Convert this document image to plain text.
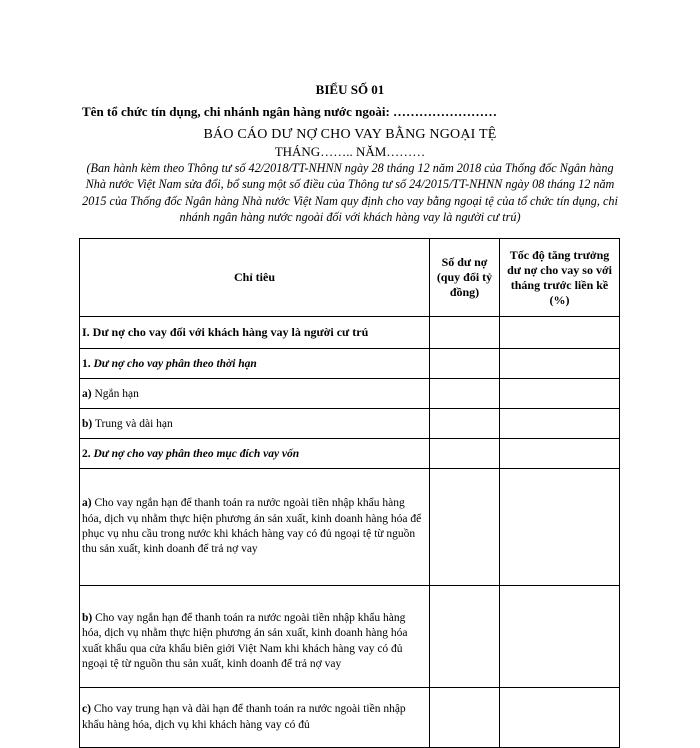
BIỂU SỐ 01
Tên tổ chức tín dụng, chi nhánh ngân hàng nước ngoài: ……………………
BÁO CÁO DƯ NỢ CHO VAY BẰNG NGOẠI TỆ
THÁNG…….. NĂM………
(Ban hành kèm theo Thông tư số 42/2018/TT-NHNN ngày 28 tháng 12 năm 2018 của Thống đốc Ngân hàng Nhà nước Việt Nam sửa đổi, bổ sung một số điều của Thông tư số 24/2015/TT-NHNN ngày 08 tháng 12 năm 2015 của Thống đốc Ngân hàng Nhà nước Việt Nam quy định cho vay bằng ngoại tệ của tổ chức tín dụng, chi nhánh ngân hàng nước ngoài đối với khách hàng vay là người cư trú)
Chỉ tiêu	Số dư nợ (quy đổi tỷ đồng)	Tốc độ tăng trưởng dư nợ cho vay so với tháng trước liền kề (%)
I. Dư nợ cho vay đối với khách hàng vay là người cư trú		
1. Dư nợ cho vay phân theo thời hạn		
a) Ngắn hạn		
b) Trung và dài hạn		
2. Dư nợ cho vay phân theo mục đích vay vốn		
a) Cho vay ngắn hạn để thanh toán ra nước ngoài tiền nhập khẩu hàng hóa, dịch vụ nhằm thực hiện phương án sản xuất, kinh doanh hàng hóa để phục vụ nhu cầu trong nước khi khách hàng vay có đủ ngoại tệ từ nguồn thu sản xuất, kinh doanh để trả nợ vay		
b) Cho vay ngắn hạn để thanh toán ra nước ngoài tiền nhập khẩu hàng hóa, dịch vụ nhằm thực hiện phương án sản xuất, kinh doanh hàng hóa xuất khẩu qua cửa khẩu biên giới Việt Nam khi khách hàng vay có đủ ngoại tệ từ nguồn thu sản xuất, kinh doanh để trả nợ vay		
c) Cho vay trung hạn và dài hạn để thanh toán ra nước ngoài tiền nhập khẩu hàng hóa, dịch vụ khi khách hàng vay có đủ		
